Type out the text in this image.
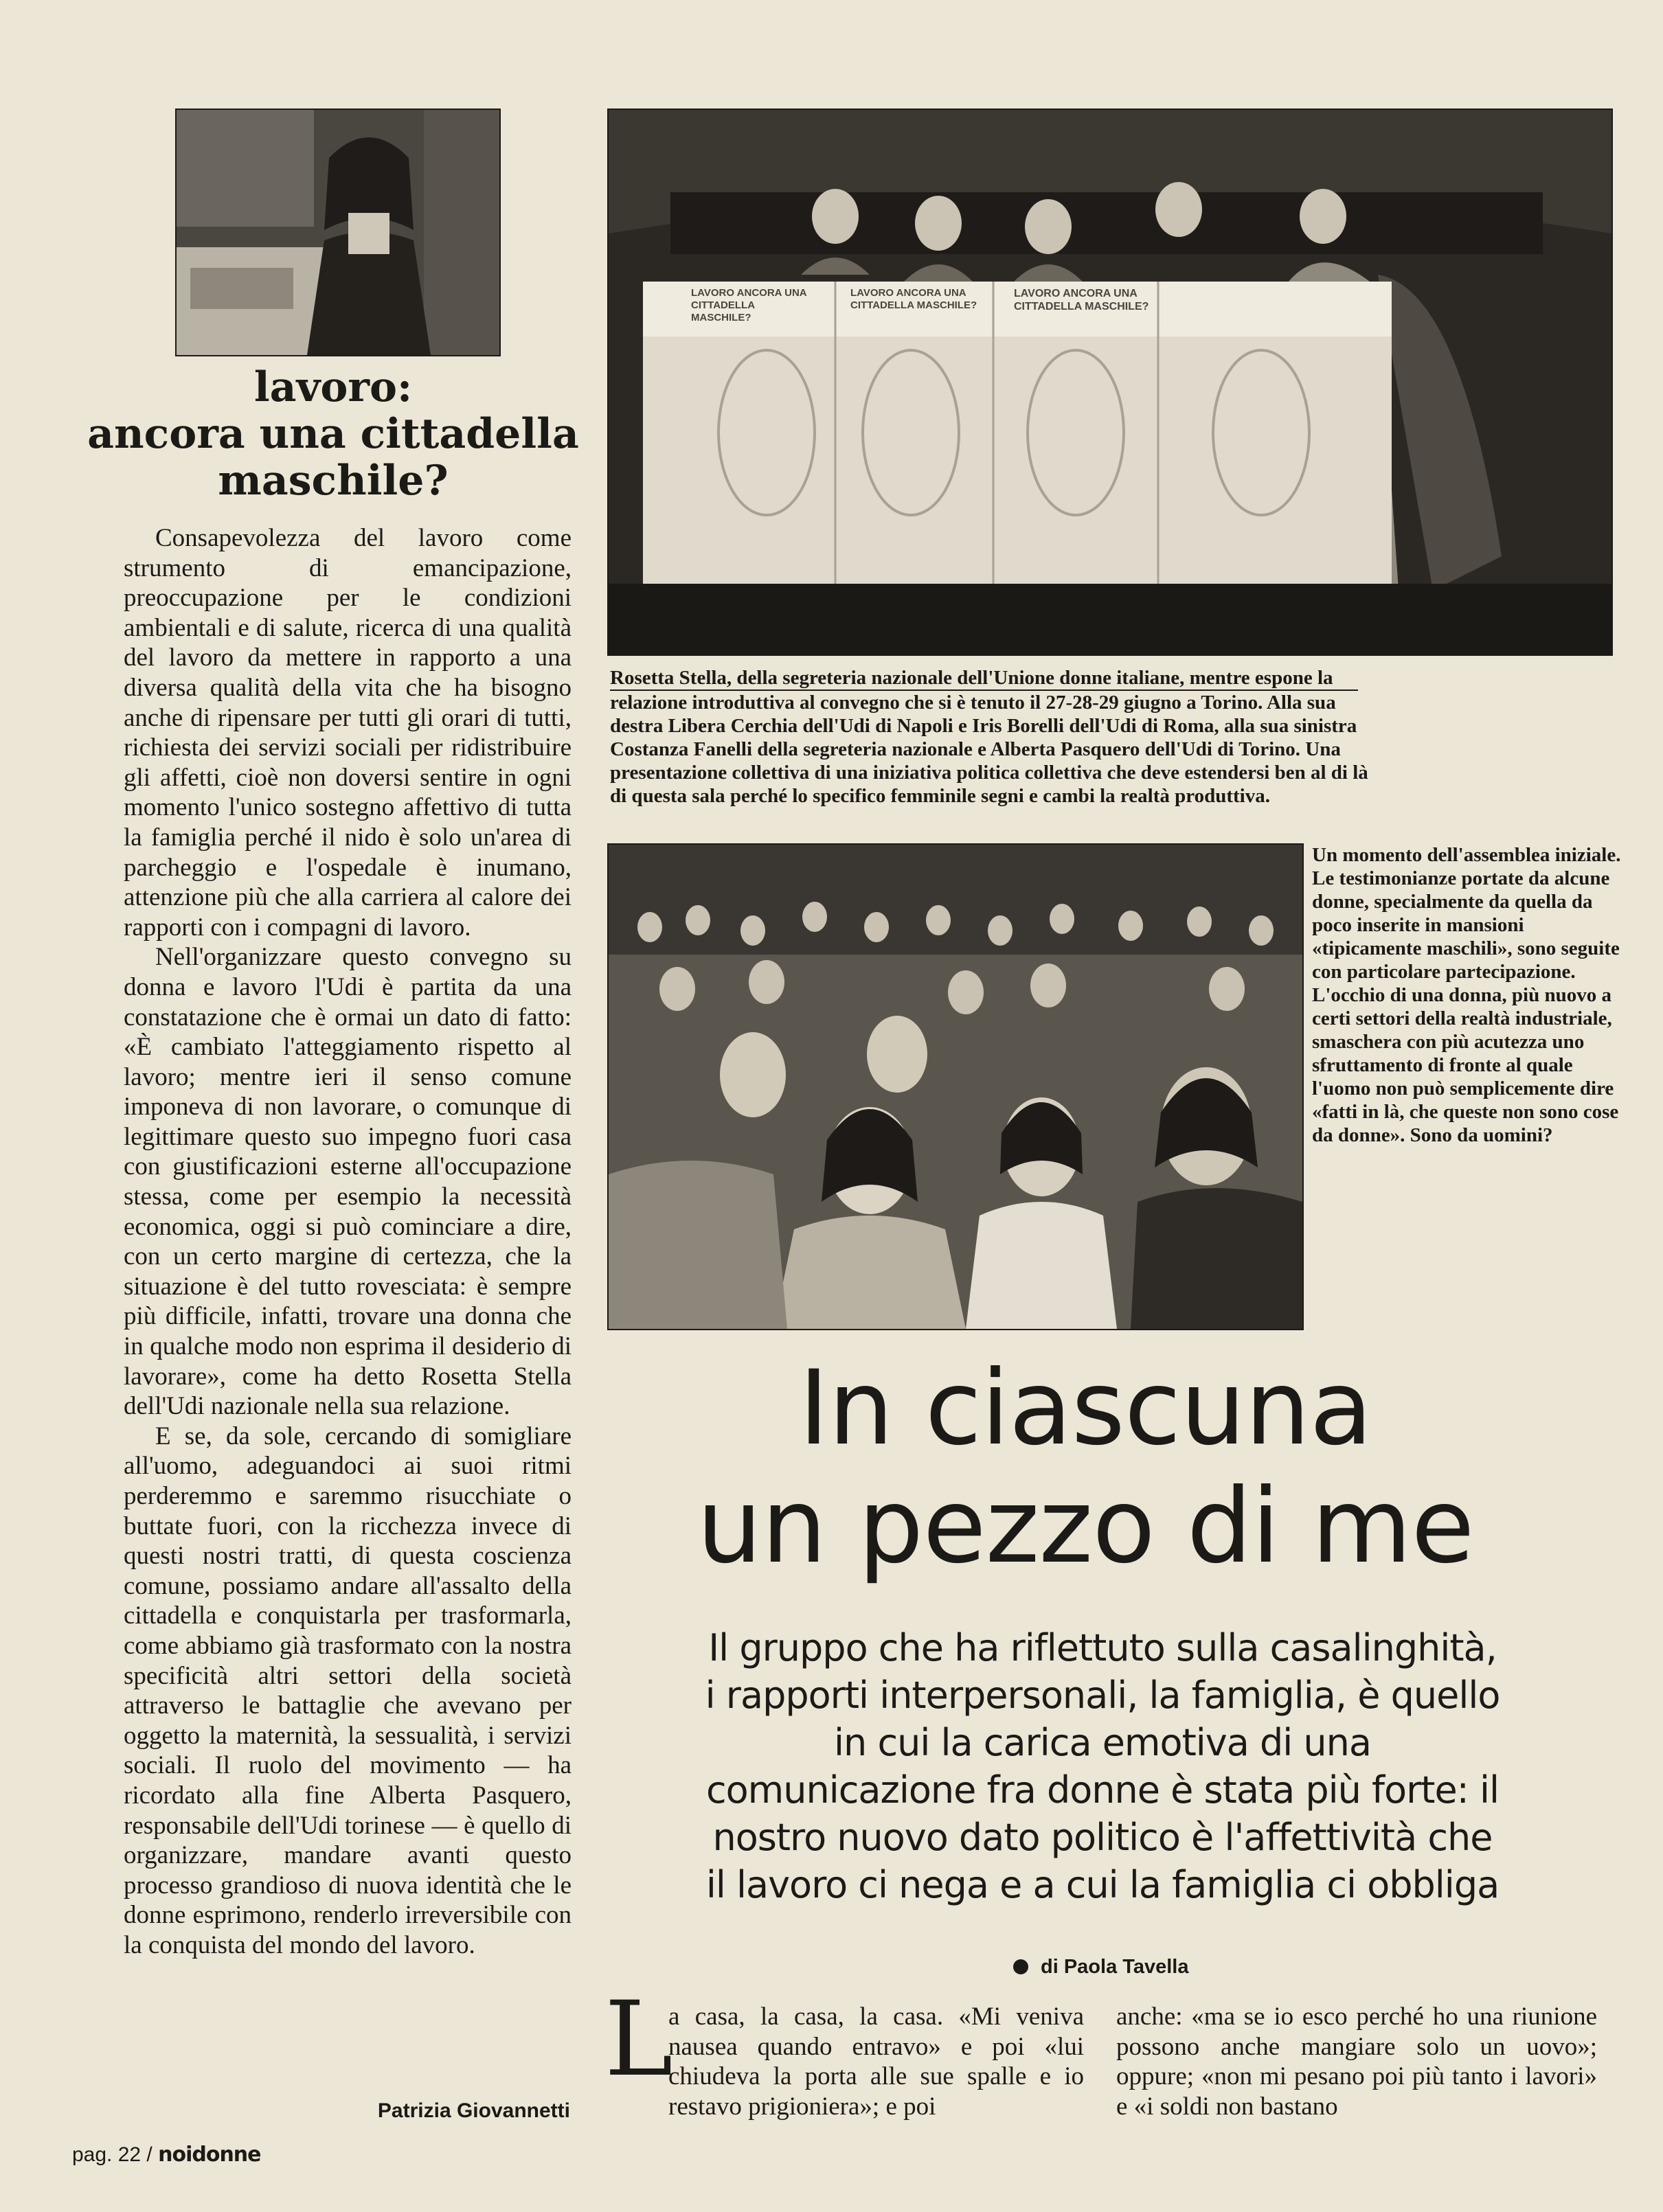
LAVORO ANCORA UNA CITTADELLA MASCHILE?
LAVORO ANCORA UNA CITTADELLA MASCHILE?
LAVORO ANCORA UNA CITTADELLA MASCHILE?
lavoro:
ancora una cittadella
maschile?

Consapevolezza del lavoro come strumento di emancipazione, preoccupazione per le condizioni ambientali e di salute, ricerca di una qualità del lavoro da mettere in rapporto a una diversa qualità della vita che ha bisogno anche di ripensare per tutti gli orari di tutti, richiesta dei servizi sociali per ridistribuire gli affetti, cioè non doversi sentire in ogni momento l'unico sostegno affettivo di tutta la famiglia perché il nido è solo un'area di parcheggio e l'ospedale è inumano, attenzione più che alla carriera al calore dei rapporti con i compagni di lavoro.

Nell'organizzare questo convegno su donna e lavoro l'Udi è partita da una constatazione che è ormai un dato di fatto: «È cambiato l'atteggiamento rispetto al lavoro; mentre ieri il senso comune imponeva di non lavorare, o comunque di legittimare questo suo impegno fuori casa con giustificazioni esterne all'occupazione stessa, come per esempio la necessità economica, oggi si può cominciare a dire, con un certo margine di certezza, che la situazione è del tutto rovesciata: è sempre più difficile, infatti, trovare una donna che in qualche modo non esprima il desiderio di lavorare», come ha detto Rosetta Stella dell'Udi nazionale nella sua relazione.

E se, da sole, cercando di somigliare all'uomo, adeguandoci ai suoi ritmi perderemmo e saremmo risucchiate o buttate fuori, con la ricchezza invece di questi nostri tratti, di questa coscienza comune, possiamo andare all'assalto della cittadella e conquistarla per trasformarla, come abbiamo già trasformato con la nostra specificità altri settori della società attraverso le battaglie che avevano per oggetto la maternità, la sessualità, i servizi sociali. Il ruolo del movimento — ha ricordato alla fine Alberta Pasquero, responsabile dell'Udi torinese — è quello di organizzare, mandare avanti questo processo grandioso di nuova identità che le donne esprimono, renderlo irreversibile con la conquista del mondo del lavoro.

Patrizia Giovannetti
Rosetta Stella, della segreteria nazionale dell'Unione donne italiane, mentre espone la
relazione introduttiva al convegno che si è tenuto il 27-28-29 giugno a Torino. Alla sua
destra Libera Cerchia dell'Udi di Napoli e Iris Borelli dell'Udi di Roma, alla sua sinistra
Costanza Fanelli della segreteria nazionale e Alberta Pasquero dell'Udi di Torino. Una
presentazione collettiva di una iniziativa politica collettiva che deve estendersi ben al di là
di questa sala perché lo specifico femminile segni e cambi la realtà produttiva.
Un momento dell'assemblea iniziale. Le testimonianze portate da alcune donne, specialmente da quella da poco inserite in mansioni «tipicamente maschili», sono seguite con particolare partecipazione. L'occhio di una donna, più nuovo a certi settori della realtà industriale, smaschera con più acutezza uno sfruttamento di fronte al quale l'uomo non può semplicemente dire «fatti in là, che queste non sono cose da donne». Sono da uomini?
In ciascuna
un pezzo di me
Il gruppo che ha riflettuto sulla casalinghità,
i rapporti interpersonali, la famiglia, è quello
in cui la carica emotiva di una
comunicazione fra donne è stata più forte: il
nostro nuovo dato politico è l'affettività che
il lavoro ci nega e a cui la famiglia ci obbliga
di Paola Tavella
L

a casa, la casa, la casa. «Mi veniva nausea quando entravo» e poi «lui chiudeva la porta alle sue spalle e io restavo prigioniera»; e poi

anche: «ma se io esco perché ho una riunione possono anche mangiare solo un uovo»; oppure; «non mi pesano poi più tanto i lavori» e «i soldi non bastano

pag. 22 / noidonne
